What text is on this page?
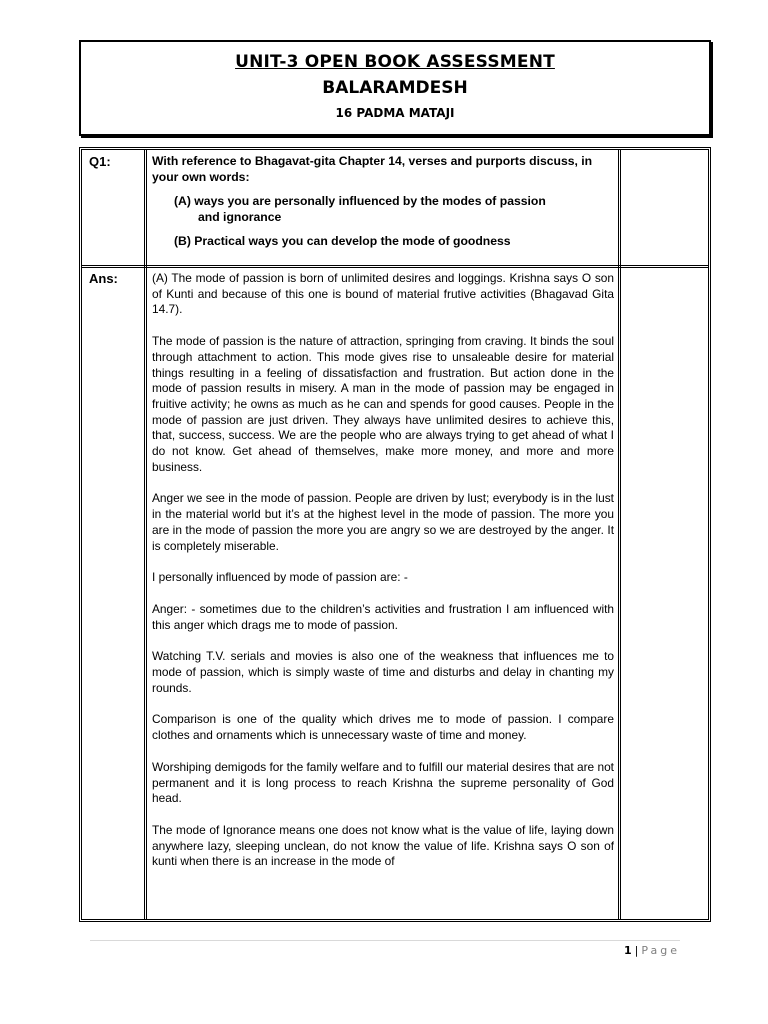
UNIT-3 OPEN BOOK ASSESSMENT
BALARAMDESH
16 PADMA MATAJI
Q1:	With reference to Bhagavat-gita Chapter 14, verses and purports discuss, in your own words:

(A) ways you are personally influenced by the modes of passion
and ignorance

(B) Practical ways you can develop the mode of goodness

Ans:	(A) The mode of passion is born of unlimited desires and loggings. Krishna says O son of Kunti and because of this one is bound of material frutive activities (Bhagavad Gita 14.7).

The mode of passion is the nature of attraction, springing from craving. It binds the soul through attachment to action. This mode gives rise to unsaleable desire for material things resulting in a feeling of dissatisfaction and frustration. But action done in the mode of passion results in misery. A man in the mode of passion may be engaged in fruitive activity; he owns as much as he can and spends for good causes. People in the mode of passion are just driven. They always have unlimited desires to achieve this, that, success, success. We are the people who are always trying to get ahead of what I do not know. Get ahead of themselves, make more money, and more and more business.

Anger we see in the mode of passion. People are driven by lust; everybody is in the lust in the material world but it’s at the highest level in the mode of passion. The more you are in the mode of passion the more you are angry so we are destroyed by the anger. It is completely miserable.

I personally influenced by mode of passion are: -

Anger: - sometimes due to the children’s activities and frustration I am influenced with this anger which drags me to mode of passion.

Watching T.V. serials and movies is also one of the weakness that influences me to mode of passion, which is simply waste of time and disturbs and delay in chanting my rounds.

Comparison is one of the quality which drives me to mode of passion. I compare clothes and ornaments which is unnecessary waste of time and money.

Worshiping demigods for the family welfare and to fulfill our material desires that are not permanent and it is long process to reach Krishna the supreme personality of God head.

The mode of Ignorance means one does not know what is the value of life, laying down anywhere lazy, sleeping unclean, do not know the value of life. Krishna says O son of kunti when there is an increase in the mode of

1 | Page
